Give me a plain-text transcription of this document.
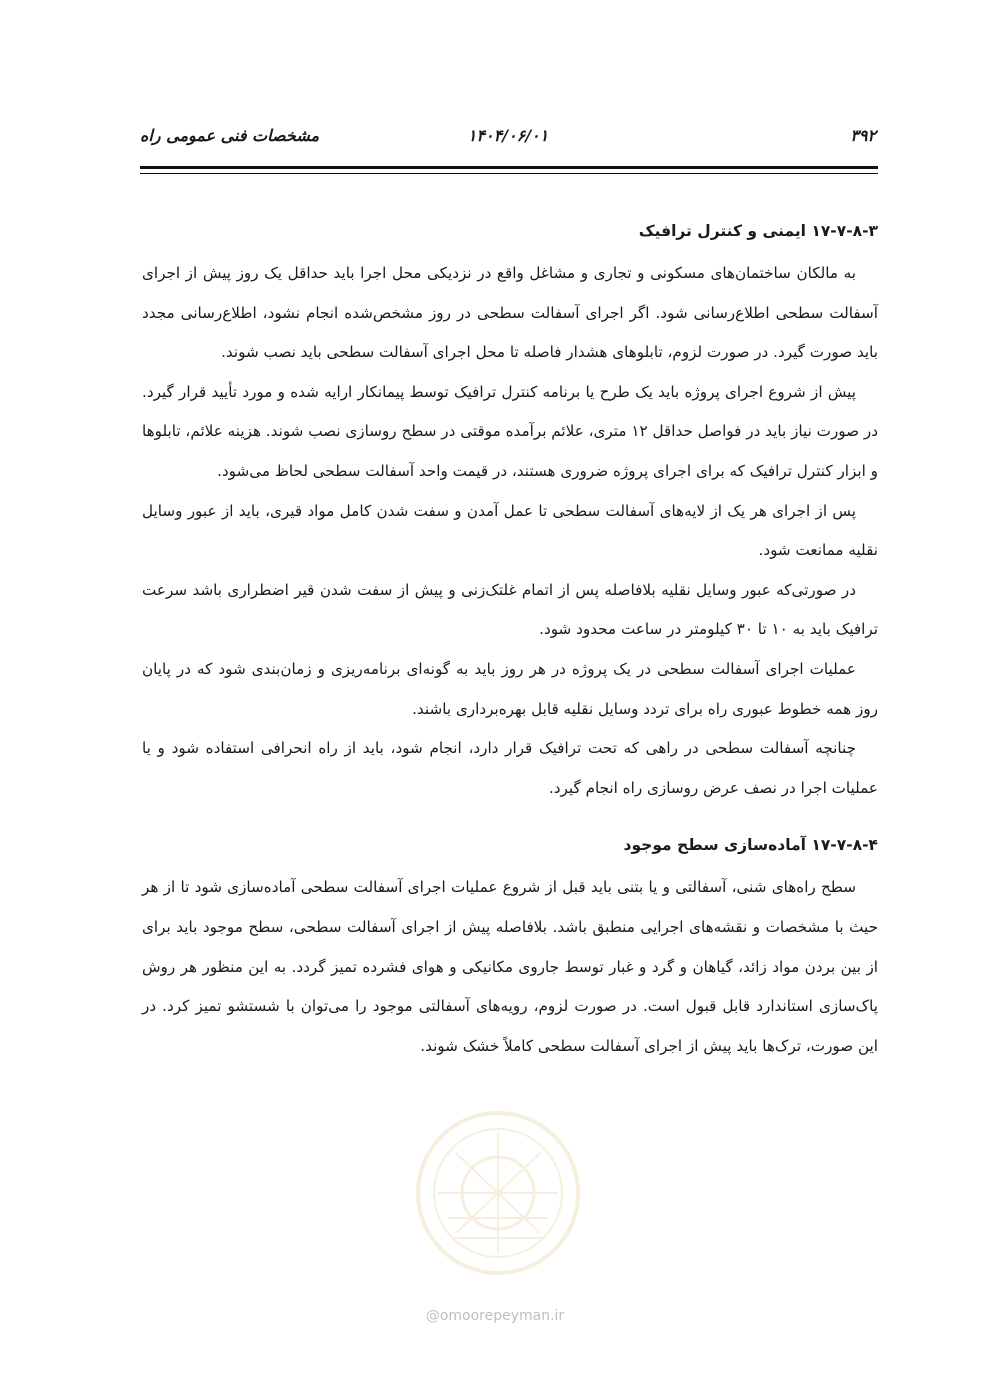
۳۹۲
۱۴۰۴/۰۶/۰۱
مشخصات فنی عمومی راه
@omoorepeyman.ir
۱۷-۷-۸-۳ ایمنی و کنترل ترافیک

به مالکان ساختمان‌های مسکونی و تجاری و مشاغل واقع در نزدیکی محل اجرا باید حداقل یک روز پیش از اجرای آسفالت سطحی اطلاع‌رسانی شود. اگر اجرای آسفالت سطحی در روز مشخص‌شده انجام نشود، اطلاع‌رسانی مجدد باید صورت گیرد. در صورت لزوم، تابلوهای هشدار فاصله تا محل اجرای آسفالت سطحی باید نصب شوند.

پیش از شروع اجرای پروژه باید یک طرح یا برنامه کنترل ترافیک توسط پیمانکار ارایه شده و مورد تأیید قرار گیرد. در صورت نیاز باید در فواصل حداقل ۱۲ متری، علائم برآمده موقتی در سطح روسازی نصب شوند. هزینه علائم، تابلوها و ابزار کنترل ترافیک که برای اجرای پروژه ضروری هستند، در قیمت واحد آسفالت سطحی لحاظ می‌شود.

پس از اجرای هر یک از لایه‌های آسفالت سطحی تا عمل آمدن و سفت شدن کامل مواد قیری، باید از عبور وسایل نقلیه ممانعت شود.

در صورتی‌که عبور وسایل نقلیه بلافاصله پس از اتمام غلتک‌زنی و پیش از سفت شدن قیر اضطراری باشد سرعت ترافیک باید به ۱۰ تا ۳۰ کیلومتر در ساعت محدود شود.

عملیات اجرای آسفالت سطحی در یک پروژه در هر روز باید به گونه‌ای برنامه‌ریزی و زمان‌بندی شود که در پایان روز همه خطوط عبوری راه برای تردد وسایل نقلیه قابل بهره‌برداری باشند.

چنانچه آسفالت سطحی در راهی که تحت ترافیک قرار دارد، انجام شود، باید از راه انحرافی استفاده شود و یا عملیات اجرا در نصف عرض روسازی راه انجام گیرد.

۱۷-۷-۸-۴ آماده‌سازی سطح موجود

سطح راه‌های شنی، آسفالتی و یا بتنی باید قبل از شروع عملیات اجرای آسفالت سطحی آماده‌سازی شود تا از هر حیث با مشخصات و نقشه‌های اجرایی منطبق باشد. بلافاصله پیش از اجرای آسفالت سطحی، سطح موجود باید برای از بین بردن مواد زائد، گیاهان و گرد و غبار توسط جاروی مکانیکی و هوای فشرده تمیز گردد. به این منظور هر روش پاک‌سازی استاندارد قابل قبول است. در صورت لزوم، رویه‌های آسفالتی موجود را می‌توان با شستشو تمیز کرد. در این صورت، ترک‌ها باید پیش از اجرای آسفالت سطحی کاملاً خشک شوند.
